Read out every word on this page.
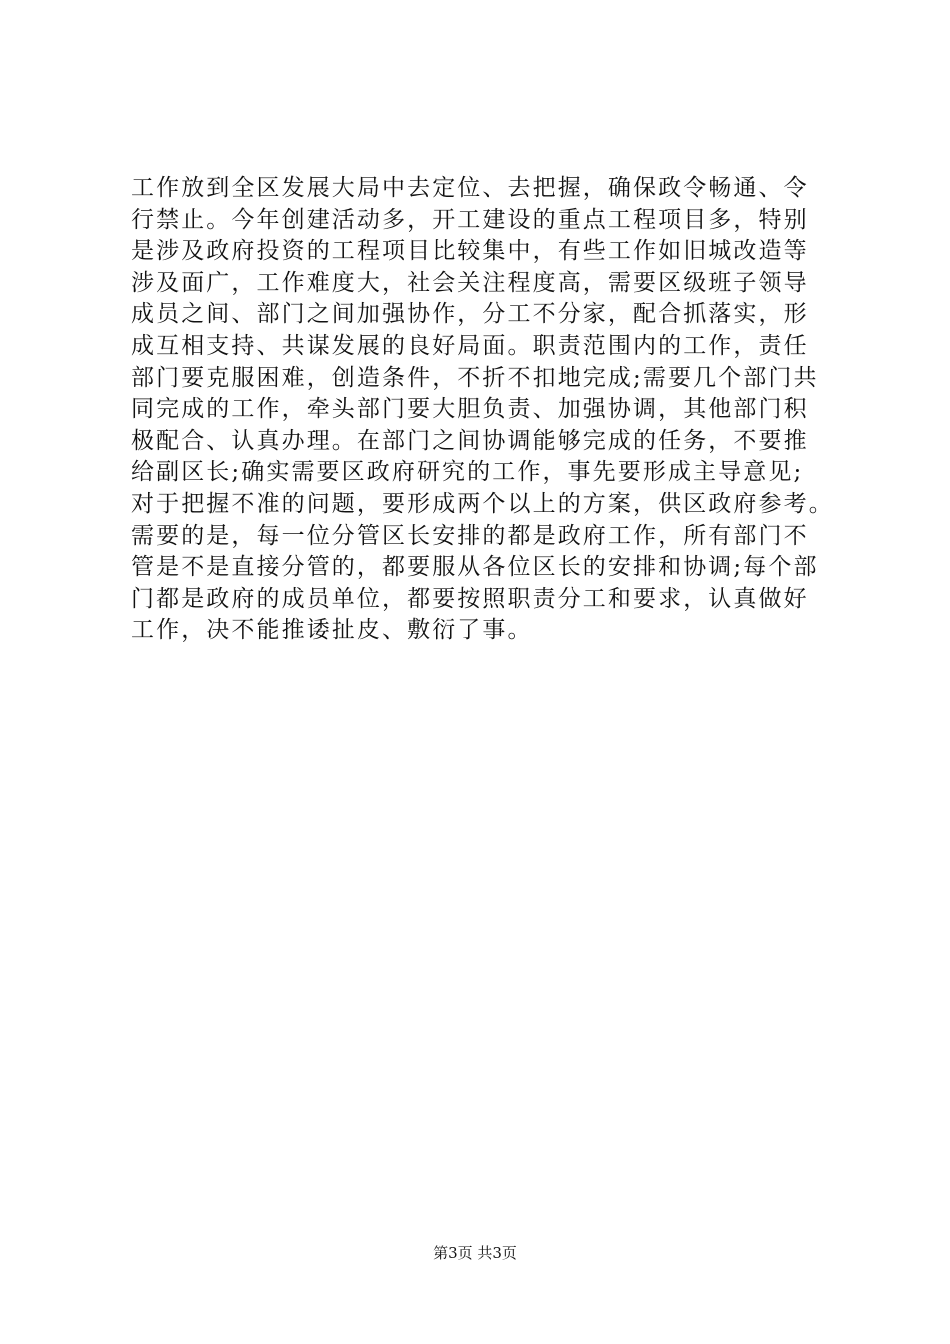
工作放到全区发展大局中去定位、去把握，确保政令畅通、令
行禁止。今年创建活动多，开工建设的重点工程项目多，特别
是涉及政府投资的工程项目比较集中，有些工作如旧城改造等
涉及面广，工作难度大，社会关注程度高，需要区级班子领导
成员之间、部门之间加强协作，分工不分家，配合抓落实，形
成互相支持、共谋发展的良好局面。职责范围内的工作，责任
部门要克服困难，创造条件，不折不扣地完成;需要几个部门共
同完成的工作，牵头部门要大胆负责、加强协调，其他部门积
极配合、认真办理。在部门之间协调能够完成的任务，不要推
给副区长;确实需要区政府研究的工作，事先要形成主导意见;
对于把握不准的问题，要形成两个以上的方案，供区政府参考。
需要的是，每一位分管区长安排的都是政府工作，所有部门不
管是不是直接分管的，都要服从各位区长的安排和协调;每个部
门都是政府的成员单位，都要按照职责分工和要求，认真做好
工作，决不能推诿扯皮、敷衍了事。
第3页 共3页
